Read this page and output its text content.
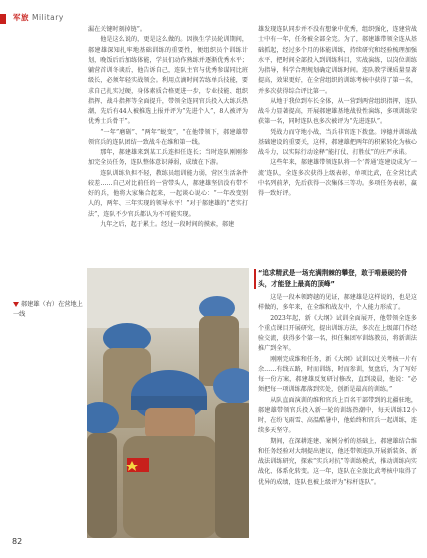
军旅 Military

漏在关键时刻掉链”。

他是这么说的，更是这么做的。因换生学员轮训期间，郝建雄深知扎牢地基础训练的重要性，便组织员个训练计划，晚饭后后加练体能，学员们动作熟练并逐渐优秀水平；躺营首训冬谈后，他告诉自己，连队主官与优秀参谋同比班级长，必须年轻实战领会。利用点滴时间苦练单兵技能，要求自己扎实过硬，身体素质合格更进一步，专业技能、组织指挥、战斗指挥等全面提升，带领全连同官兵投入大练兵热潮，先后有44人被推选上报并评为”先进个人”，8人被评为优秀士兵骨干”。

“一年”磨砺”、“两年”蜕变”，“在他带领下，郝建雄带领官兵的连队团结一致战斗在维和第一线。

那年，郝建雄来到某工兵连担任连长；当时连队刚刚参加完全员任务，连队整体意识薄弱，成绩在下游。

连队训练负担不轻，教练员组训能力弱，营区生活条件较差……自己对比前任的一营带头人，郝建雄坚信没有带不好的兵，他将大家集合起来，一起谈心说心：“一年改变别人的，两年、三年实现的领导水平！”对于郝建雄的“老实打法”，连队不少官兵都认为不可能实现。

九年之后，起于累土。经过一段时间的摸索，郝建

雄发现连队同步并不没有想象中优秀，组织强化，连建营战士中有一年，任务被全部全完。为了，郝建雄带领全连从基础抓起，经过多个月的体能训练，持续研究和经验梳理加强水平，把时间全部投入到训练科目，实战演练，以岗位训练为指导，科学合理规划确定训练时间。连队教学课质量显著提高，效果更好，在全营组织的训练考核中获得了第一名，并多次获得综合评比第一。

从地于我位到车长全体，从一营到两营组织指挥，连队战斗力显著提高，开展郝建雄基地战役性演练，多项训练荣获第一名，同时连队也多次被评为“先进连队”。

凭战力而守地小战，当兵非官连下拨盘。谆德并训练战基础建设的重要关，这样，郝建雄把两年的积累转化为核心战斗力，以实际行动诠释“能打仗、打胜仗”的庄严承诺。

这些年来，郝建雄带领连队将一个‘普通’连建设成为‘一流’连队，全连多次获得上级表彰，单项比武，在全营比武中名列前茅，先后获得一次集体三等功。多项任务表彰，赢得一致好评。

“追求精武是一场充满荆棘的攀登，敢于啃最硬的骨头，才能登上最高的顶峰”

这是一段本领跨越的见证，郝建雄是这样说的，也是这样做的，多年来，在全维和战友中，个人能力形成了。

2023年起，新《大纲》试训全面展开，他带领全连多个重点课目开展研究，提出训练方法，多次在上级部门作经验交流，获得多个第一名，担任集团军训练教员，将新训法推广到全军。

刚刚完成维和任务，新《大纲》试训以过关考核一片有余……有线五路，时而训练，时而参训，复盘后，为了写好每一份方案，郝建雄反复研讨修改，直到凌晨，他说：“必须把每一项训练都落到实处，创新是最高的训练。”

从队直面演训的维和官兵上百名干部带到的北疆驻地，郝建雄带领官兵投入新一轮的训练热潮中，每天训练12小时，在纷飞雨雪、高温酷暑中，他始终和官兵一起训练，连续多天坚守。

期间，在深耕连建、案例分析的基础上，郝建雄结合维和任务经验对大纲提出建议，他还带领连队开展新装备、新战法训练研究，探索“实兵对抗”等训练模式，推动训练向实战化、体系化转变。这一年，连队在全旅比武考核中取得了优异的成绩，连队也被上级评为“标杆连队”。

郝建雄（右）在营地上一线
82
